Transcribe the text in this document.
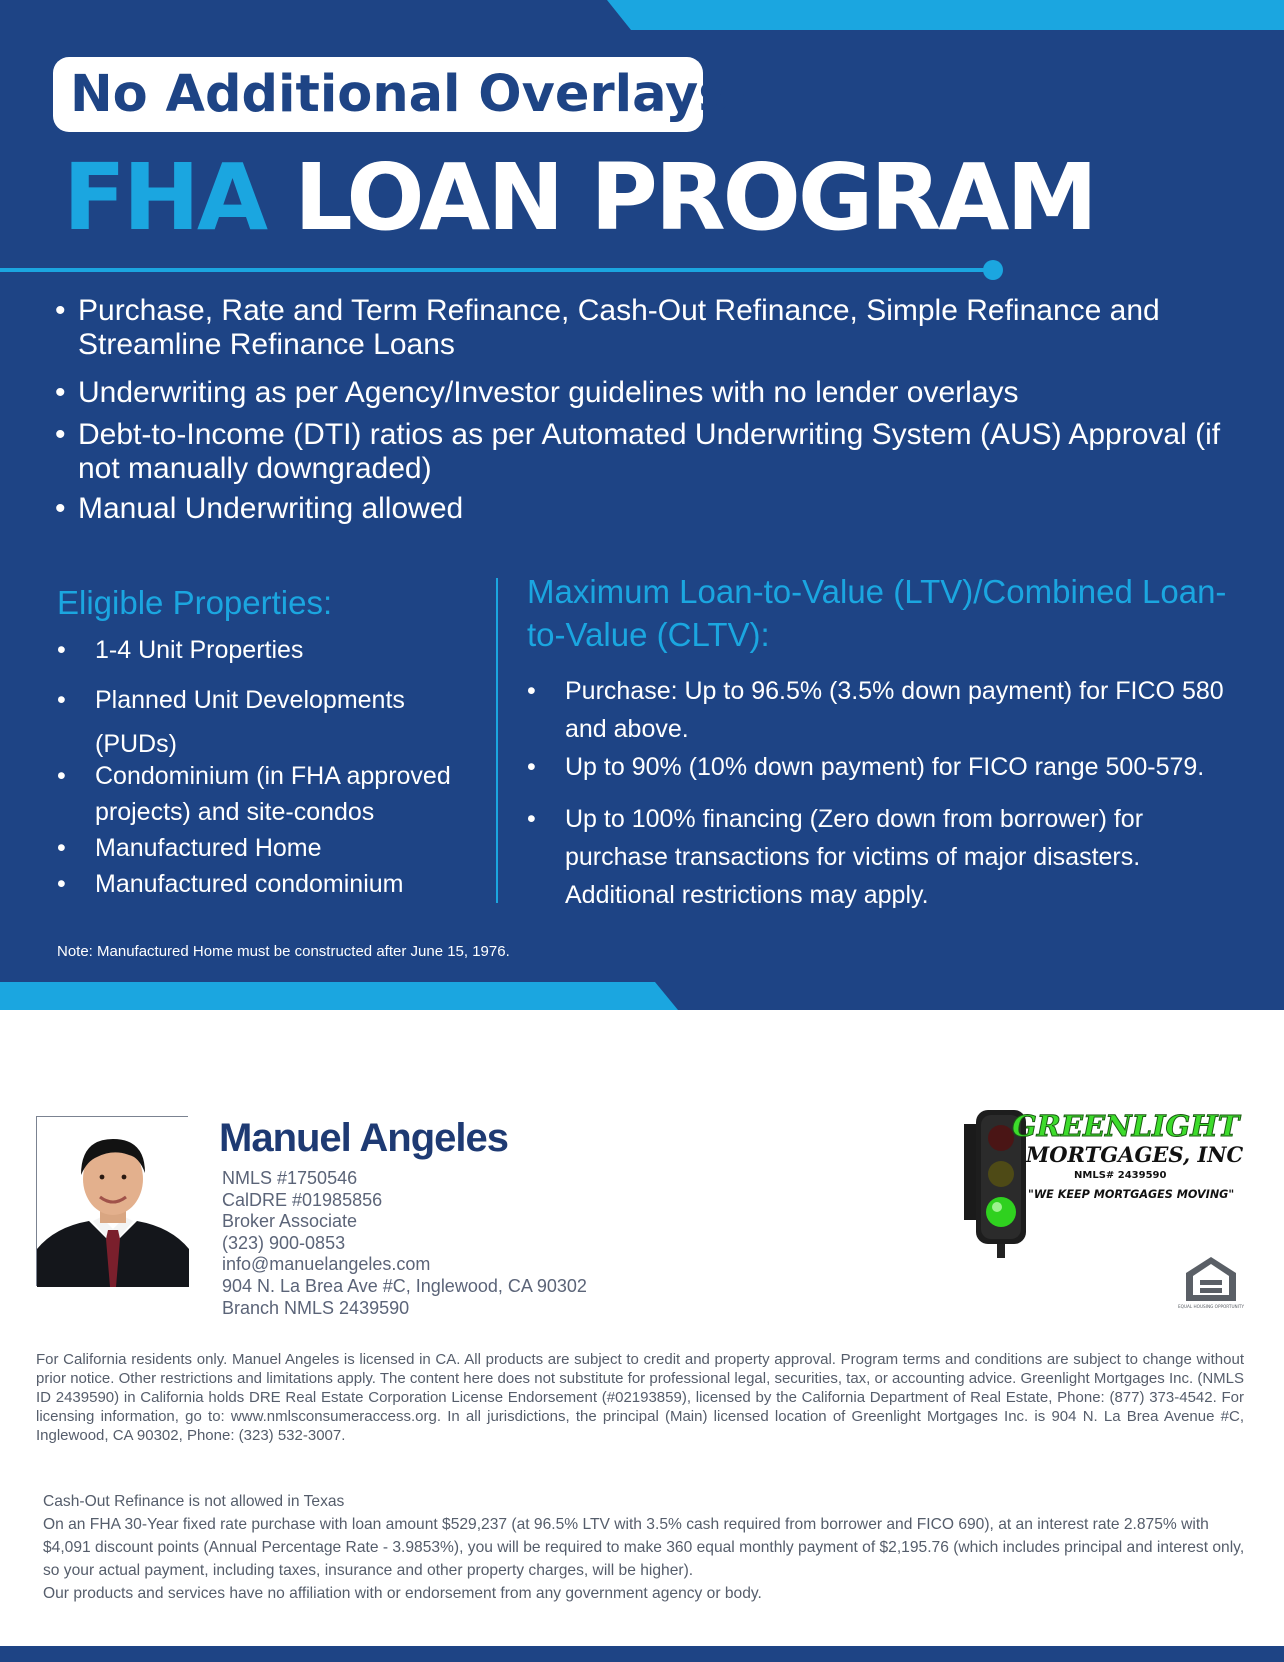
No Additional Overlays!
FHA LOAN PROGRAM
• Purchase, Rate and Term Refinance, Cash-Out Refinance, Simple Refinance and Streamline Refinance Loans
• Underwriting as per Agency/Investor guidelines with no lender overlays
• Debt-to-Income (DTI) ratios as per Automated Underwriting System (AUS) Approval (if not manually downgraded)
• Manual Underwriting allowed
Eligible Properties:
•	1-4 Unit Properties
•	Planned Unit Developments (PUDs)
•	Condominium (in FHA approved projects) and site-condos
•	Manufactured Home
•	Manufactured condominium
Maximum Loan-to-Value (LTV)/Combined Loan-to-Value (CLTV):
•	Purchase: Up to 96.5% (3.5% down payment) for FICO 580 and above.
•	Up to 90% (10% down payment) for FICO range 500-579.
•	Up to 100% financing (Zero down from borrower) for purchase transactions for victims of major disasters. Additional restrictions may apply.
Note: Manufactured Home must be constructed after June 15, 1976.
Manuel Angeles
NMLS #1750546
CalDRE #01985856
Broker Associate
(323) 900-0853
info@manuelangeles.com
904 N. La Brea Ave #C, Inglewood, CA 90302
Branch NMLS 2439590
GREENLIGHT
MORTGAGES, INC
NMLS# 2439590
"WE KEEP MORTGAGES MOVING"
EQUAL HOUSING OPPORTUNITY
For California residents only. Manuel Angeles is licensed in CA. All products are subject to credit and property approval. Program terms and conditions are subject to change without prior notice. Other restrictions and limitations apply. The content here does not substitute for professional legal, securities, tax, or accounting advice. Greenlight Mortgages Inc. (NMLS ID 2439590) in California holds DRE Real Estate Corporation License Endorsement (#02193859), licensed by the California Department of Real Estate, Phone: (877) 373-4542. For licensing information, go to: www.nmlsconsumeraccess.org. In all jurisdictions, the principal (Main) licensed location of Greenlight Mortgages Inc. is 904 N. La Brea Avenue #C, Inglewood, CA 90302, Phone: (323) 532-3007.
Cash-Out Refinance is not allowed in Texas
On an FHA 30-Year fixed rate purchase with loan amount $529,237 (at 96.5% LTV with 3.5% cash required from borrower and FICO 690), at an interest rate 2.875% with $4,091 discount points (Annual Percentage Rate - 3.9853%), you will be required to make 360 equal monthly payment of $2,195.76 (which includes principal and interest only, so your actual payment, including taxes, insurance and other property charges, will be higher).
Our products and services have no affiliation with or endorsement from any government agency or body.
